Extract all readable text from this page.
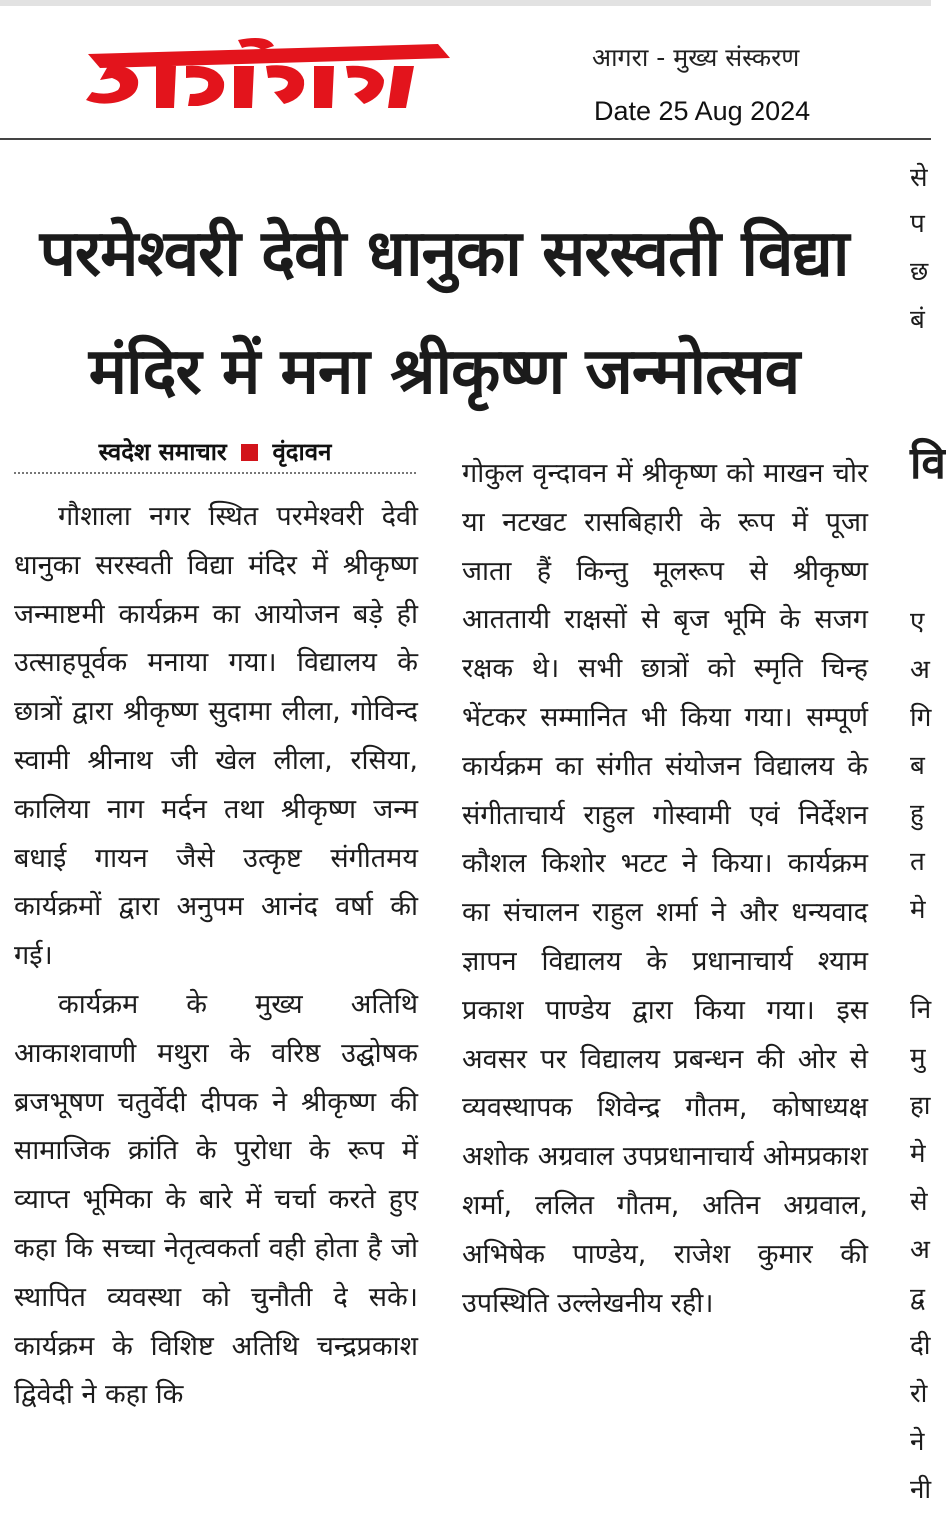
आगरा - मुख्य संस्करण
Date 25 Aug 2024
परमेश्वरी देवी धानुका सरस्वती विद्या
मंदिर में मना श्रीकृष्ण जन्मोत्सव
स्वदेश समाचार वृंदावन

गौशाला नगर स्थित परमेश्वरी देवी धानुका सरस्वती विद्या मंदिर में श्रीकृष्ण जन्माष्टमी कार्यक्रम का आयोजन बड़े ही उत्साहपूर्वक मनाया गया। विद्यालय के छात्रों द्वारा श्रीकृष्ण सुदामा लीला, गोविन्द स्वामी श्रीनाथ जी खेल लीला, रसिया, कालिया नाग मर्दन तथा श्रीकृष्ण जन्म बधाई गायन जैसे उत्कृष्ट संगीतमय कार्यक्रमों द्वारा अनुपम आनंद वर्षा की गई।

कार्यक्रम के मुख्य अतिथि आकाशवाणी मथुरा के वरिष्ठ उद्घोषक ब्रजभूषण चतुर्वेदी दीपक ने श्रीकृष्ण की सामाजिक क्रांति के पुरोधा के रूप में व्याप्त भूमिका के बारे में चर्चा करते हुए कहा कि सच्चा नेतृत्वकर्ता वही होता है जो स्थापित व्यवस्था को चुनौती दे सके। कार्यक्रम के विशिष्ट अतिथि चन्द्रप्रकाश द्विवेदी ने कहा कि

गोकुल वृन्दावन में श्रीकृष्ण को माखन चोर या नटखट रासबिहारी के रूप में पूजा जाता हैं किन्तु मूलरूप से श्रीकृष्ण आततायी राक्षसों से बृज भूमि के सजग रक्षक थे। सभी छात्रों को स्मृति चिन्ह भेंटकर सम्मानित भी किया गया। सम्पूर्ण कार्यक्रम का संगीत संयोजन विद्यालय के संगीताचार्य राहुल गोस्वामी एवं निर्देशन कौशल किशोर भटट ने किया। कार्यक्रम का संचालन राहुल शर्मा ने और धन्यवाद ज्ञापन विद्यालय के प्रधानाचार्य श्याम प्रकाश पाण्डेय द्वारा किया गया। इस अवसर पर विद्यालय प्रबन्धन की ओर से व्यवस्थापक शिवेन्द्र गौतम, कोषाध्यक्ष अशोक अग्रवाल उपप्रधानाचार्य ओमप्रकाश शर्मा, ललित गौतम, अतिन अग्रवाल, अभिषेक पाण्डेय, राजेश कुमार की उपस्थिति उल्लेखनीय रही।

से
प
छ
बं
वि
ए
अ
गि
ब
हु
त
मे
नि
मु
हा
मे
से
अ
द्व
दी
रो
ने
नी
